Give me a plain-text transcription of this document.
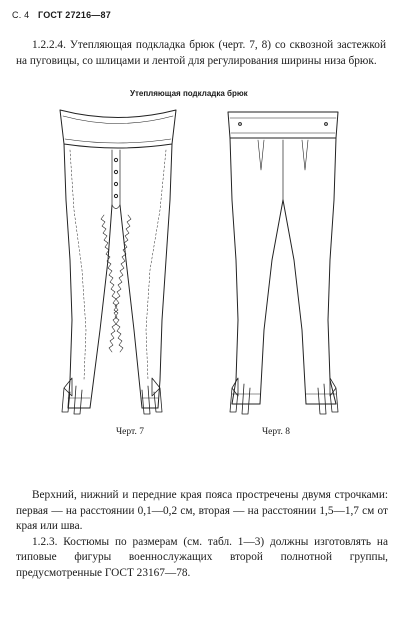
С. 4 ГОСТ 27216—87
1.2.2.4. Утепляющая подкладка брюк (черт. 7, 8) со сквозной застежкой на пуговицы, со шлицами и лентой для регулирования ширины низа брюк.
Утепляющая подкладка брюк
Черт. 7	Черт. 8

Верхний, нижний и передние края пояса простречены двумя строчками: первая — на расстоянии 0,1—0,2 см, вторая — на расстоянии 1,5—1,7 см от края или шва.

1.2.3. Костюмы по размерам (см. табл. 1—3) должны изготовлять на типовые фигуры военнослужащих второй полнотной группы, предусмотренные ГОСТ 23167—78.
